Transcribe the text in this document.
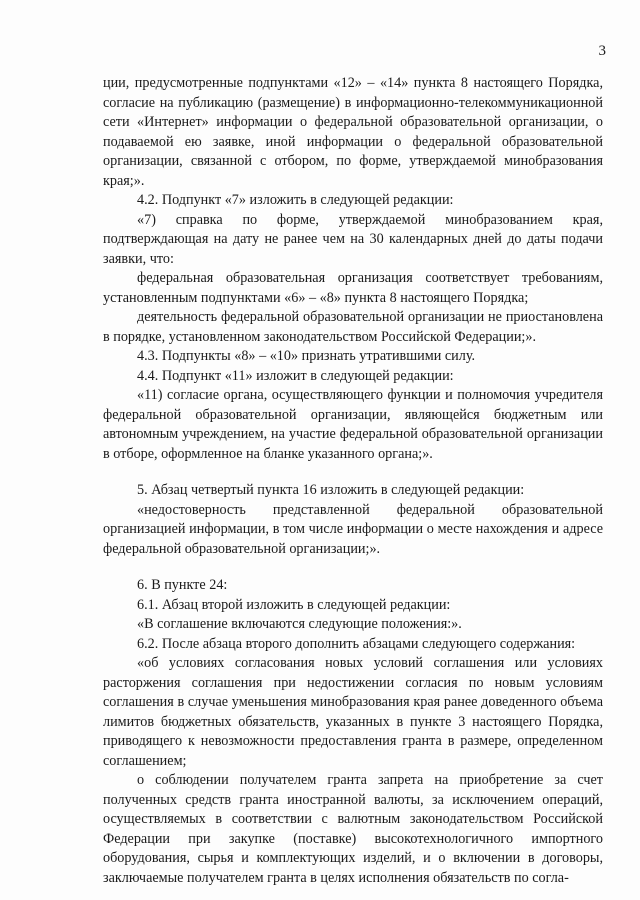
3

ции, предусмотренные подпунктами «12» – «14» пункта 8 настоящего Порядка, согласие на публикацию (размещение) в информационно-телекоммуникационной сети «Интернет» информации о федеральной образовательной организации, о подаваемой ею заявке, иной информации о федеральной образовательной организации, связанной с отбором, по форме, утверждаемой минобразования края;».

4.2. Подпункт «7» изложить в следующей редакции:

«7) справка по форме, утверждаемой минобразованием края, подтверждающая на дату не ранее чем на 30 календарных дней до даты подачи заявки, что:

федеральная образовательная организация соответствует требованиям, установленным подпунктами «6» – «8» пункта 8 настоящего Порядка;

деятельность федеральной образовательной организации не приостановлена в порядке, установленном законодательством Российской Федерации;».

4.3. Подпункты «8» – «10» признать утратившими силу.

4.4. Подпункт «11» изложит в следующей редакции:

«11) согласие органа, осуществляющего функции и полномочия учредителя федеральной образовательной организации, являющейся бюджетным или автономным учреждением, на участие федеральной образовательной организации в отборе, оформленное на бланке указанного органа;».

5. Абзац четвертый пункта 16 изложить в следующей редакции:

«недостоверность представленной федеральной образовательной организацией информации, в том числе информации о месте нахождения и адресе федеральной образовательной организации;».

6. В пункте 24:

6.1. Абзац второй изложить в следующей редакции:

«В соглашение включаются следующие положения:».

6.2. После абзаца второго дополнить абзацами следующего содержания:

«об условиях согласования новых условий соглашения или условиях расторжения соглашения при недостижении согласия по новым условиям соглашения в случае уменьшения минобразования края ранее доведенного объема лимитов бюджетных обязательств, указанных в пункте 3 настоящего Порядка, приводящего к невозможности предоставления гранта в размере, определенном соглашением;

о соблюдении получателем гранта запрета на приобретение за счет полученных средств гранта иностранной валюты, за исключением операций, осуществляемых в соответствии с валютным законодательством Российской Федерации при закупке (поставке) высокотехнологичного импортного оборудования, сырья и комплектующих изделий, и о включении в договоры, заключаемые получателем гранта в целях исполнения обязательств по согла-
